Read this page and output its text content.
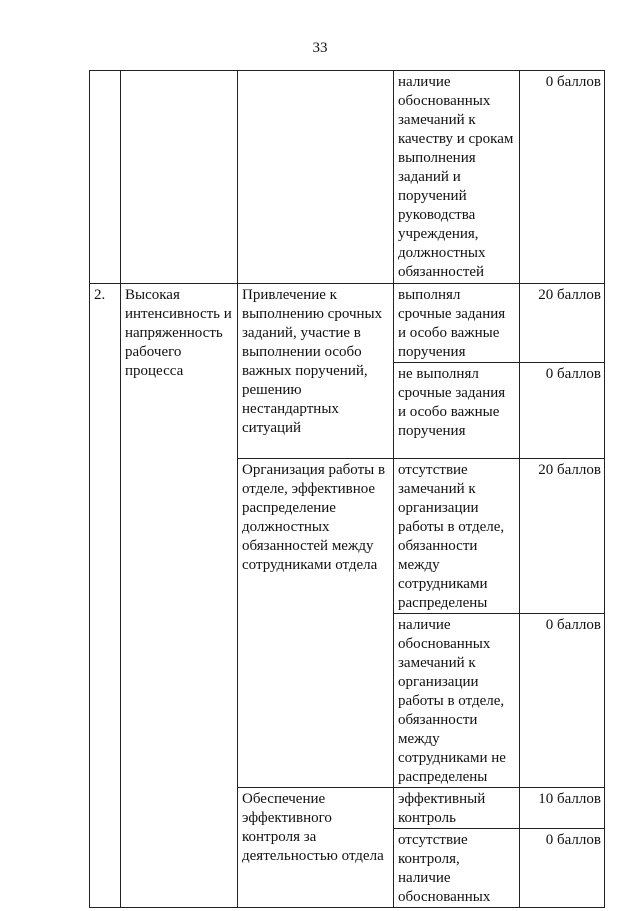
33
			наличие обоснованных замечаний к качеству и срокам выполнения заданий и поручений руководства учреждения, должностных обязанностей	0 баллов
2.	Высокая интенсивность и напряженность рабочего процесса	Привлечение к выполнению срочных заданий, участие в выполнении особо важных поручений, решению нестандартных ситуаций	выполнял срочные задания и особо важные поручения	20 баллов
			не выполнял срочные задания и особо важные поручения	0 баллов
		Организация работы в отделе, эффективное распределение должностных обязанностей между сотрудниками отдела	отсутствие замечаний к организации работы в отделе, обязанности между сотрудниками распределены	20 баллов
			наличие обоснованных замечаний к организации работы в отделе, обязанности между сотрудниками не распределены	0 баллов
		Обеспечение эффективного контроля за деятельностью отдела	эффективный контроль	10 баллов
			отсутствие контроля, наличие обоснованных	0 баллов
